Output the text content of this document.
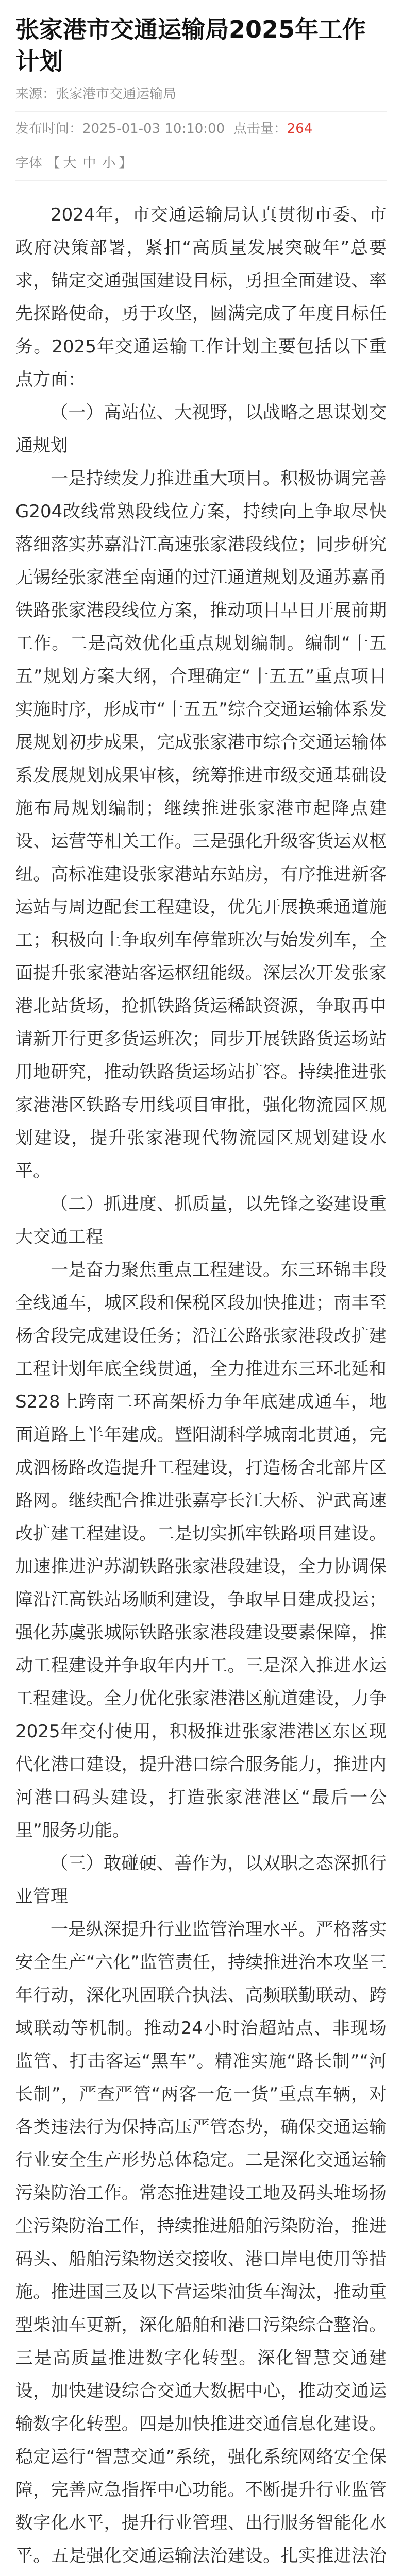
张家港市交通运输局2025年工作计划
来源：张家港市交通运输局
发布时间：2025-01-03 10:10:00 点击量：264
字体 【 大 中 小 】

2024年，市交通运输局认真贯彻市委、市政府决策部署，紧扣“高质量发展突破年”总要求，锚定交通强国建设目标，勇担全面建设、率先探路使命，勇于攻坚，圆满完成了年度目标任务。2025年交通运输工作计划主要包括以下重点方面：

（一）高站位、大视野，以战略之思谋划交通规划

一是持续发力推进重大项目。积极协调完善G204改线常熟段线位方案，持续向上争取尽快落细落实苏嘉沿江高速张家港段线位；同步研究无锡经张家港至南通的过江通道规划及通苏嘉甬铁路张家港段线位方案，推动项目早日开展前期工作。二是高效优化重点规划编制。编制“十五五”规划方案大纲，合理确定“十五五”重点项目实施时序，形成市“十五五”综合交通运输体系发展规划初步成果，完成张家港市综合交通运输体系发展规划成果审核，统筹推进市级交通基础设施布局规划编制；继续推进张家港市起降点建设、运营等相关工作。三是强化升级客货运双枢纽。高标准建设张家港站东站房，有序推进新客运站与周边配套工程建设，优先开展换乘通道施工；积极向上争取列车停靠班次与始发列车，全面提升张家港站客运枢纽能级。深层次开发张家港北站货场，抢抓铁路货运稀缺资源，争取再申请新开行更多货运班次；同步开展铁路货运场站用地研究，推动铁路货运场站扩容。持续推进张家港港区铁路专用线项目审批，强化物流园区规划建设，提升张家港现代物流园区规划建设水平。

（二）抓进度、抓质量，以先锋之姿建设重大交通工程

一是奋力聚焦重点工程建设。东三环锦丰段全线通车，城区段和保税区段加快推进；南丰至杨舍段完成建设任务；沿江公路张家港段改扩建工程计划年底全线贯通，全力推进东三环北延和S228上跨南二环高架桥力争年底建成通车，地面道路上半年建成。暨阳湖科学城南北贯通，完成泗杨路改造提升工程建设，打造杨舍北部片区路网。继续配合推进张嘉亭长江大桥、沪武高速改扩建工程建设。二是切实抓牢铁路项目建设。加速推进沪苏湖铁路张家港段建设，全力协调保障沿江高铁站场顺利建设，争取早日建成投运；强化苏虞张城际铁路张家港段建设要素保障，推动工程建设并争取年内开工。三是深入推进水运工程建设。全力优化张家港港区航道建设，力争2025年交付使用，积极推进张家港港区东区现代化港口建设，提升港口综合服务能力，推进内河港口码头建设，打造张家港港区“最后一公里”服务功能。

（三）敢碰硬、善作为，以双职之态深抓行业管理

一是纵深提升行业监管治理水平。严格落实安全生产“六化”监管责任，持续推进治本攻坚三年行动，深化巩固联合执法、高频联勤联动、跨域联动等机制。推动24小时治超站点、非现场监管、打击客运“黑车”。精准实施“路长制”“河长制”，严查严管“两客一危一货”重点车辆，对各类违法行为保持高压严管态势，确保交通运输行业安全生产形势总体稳定。二是深化交通运输污染防治工作。常态推进建设工地及码头堆场扬尘污染防治工作，持续推进船舶污染防治，推进码头、船舶污染物送交接收、港口岸电使用等措施。推进国三及以下营运柴油货车淘汰，推动重型柴油车更新，深化船舶和港口污染综合整治。三是高质量推进数字化转型。深化智慧交通建设，加快建设综合交通大数据中心，推动交通运输数字化转型。四是加快推进交通信息化建设。稳定运行“智慧交通”系统，强化系统网络安全保障，完善应急指挥中心功能。不断提升行业监管数字化水平，提升行业管理、出行服务智能化水平。五是强化交通运输法治建设。扎实推进法治
